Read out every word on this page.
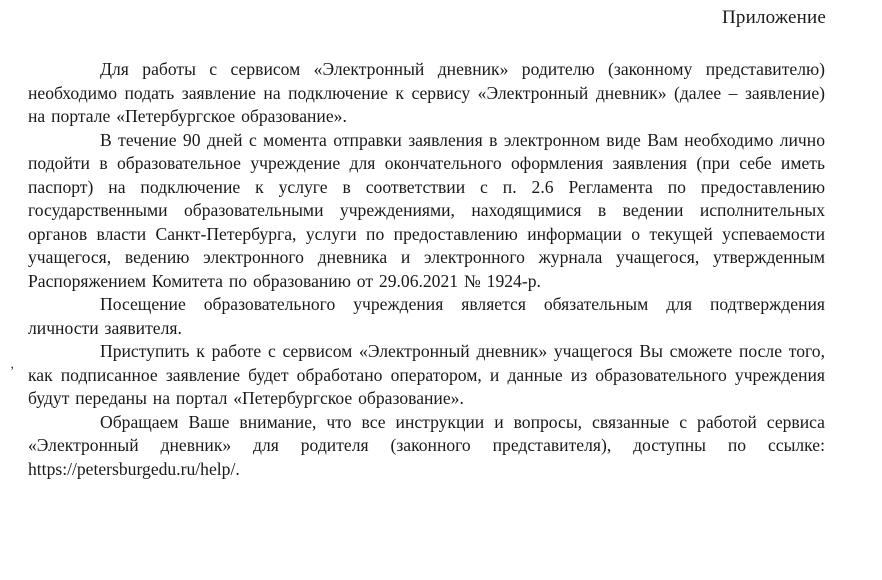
Приложение
,

Для работы с сервисом «Электронный дневник» родителю (законному представителю) необходимо подать заявление на подключение к сервису «Электронный дневник» (далее – заявление) на портале «Петербургское образование».

В течение 90 дней с момента отправки заявления в электронном виде Вам необходимо лично подойти в образовательное учреждение для окончательного оформления заявления (при себе иметь паспорт) на подключение к услуге в соответствии с п. 2.6 Регламента по предоставлению государственными образовательными учреждениями, находящимися в ведении исполнительных органов власти Санкт-Петербурга, услуги по предоставлению информации о текущей успеваемости учащегося, ведению электронного дневника и электронного журнала учащегося, утвержденным Распоряжением Комитета по образованию от 29.06.2021 № 1924-р.

Посещение образовательного учреждения является обязательным для подтверждения личности заявителя.

Приступить к работе с сервисом «Электронный дневник» учащегося Вы сможете после того, как подписанное заявление будет обработано оператором, и данные из образовательного учреждения будут переданы на портал «Петербургское образование».

Обращаем Ваше внимание, что все инструкции и вопросы, связанные с работой сервиса «Электронный дневник» для родителя (законного представителя), доступны по ссылке: https://petersburgedu.ru/help/.
